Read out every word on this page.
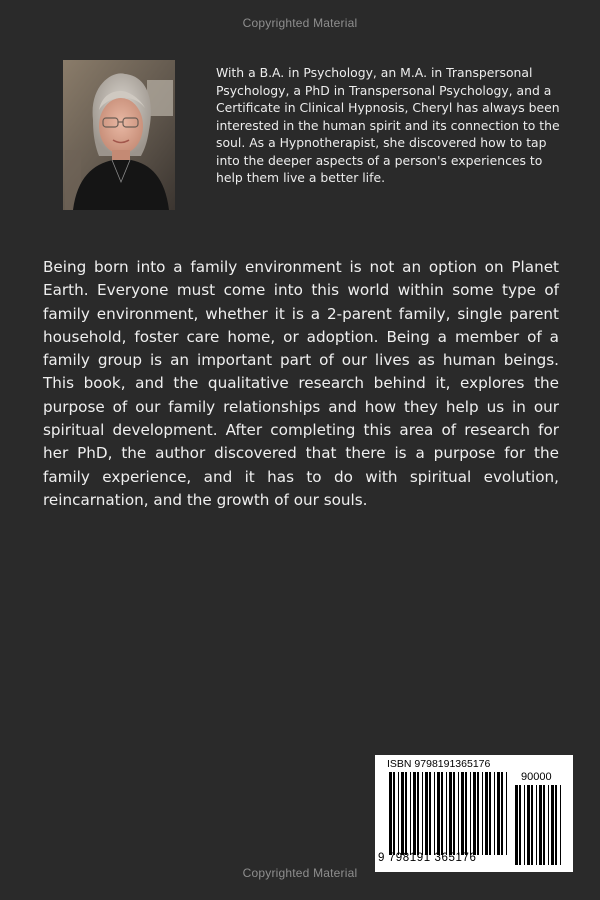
Copyrighted Material
With a B.A. in Psychology, an M.A. in Transpersonal Psychology, a PhD in Transpersonal Psychology, and a Certificate in Clinical Hypnosis, Cheryl has always been interested in the human spirit and its connection to the soul. As a Hypnotherapist, she discovered how to tap into the deeper aspects of a person's experiences to help them live a better life.
Being born into a family environment is not an option on Planet Earth. Everyone must come into this world within some type of family environment, whether it is a 2-parent family, single parent household, foster care home, or adoption. Being a member of a family group is an important part of our lives as human beings. This book, and the qualitative research behind it, explores the purpose of our family relationships and how they help us in our spiritual development. After completing this area of research for her PhD, the author discovered that there is a purpose for the family experience, and it has to do with spiritual evolution, reincarnation, and the growth of our souls.
ISBN 9798191365176
90000
9 798191 365176
Copyrighted Material
